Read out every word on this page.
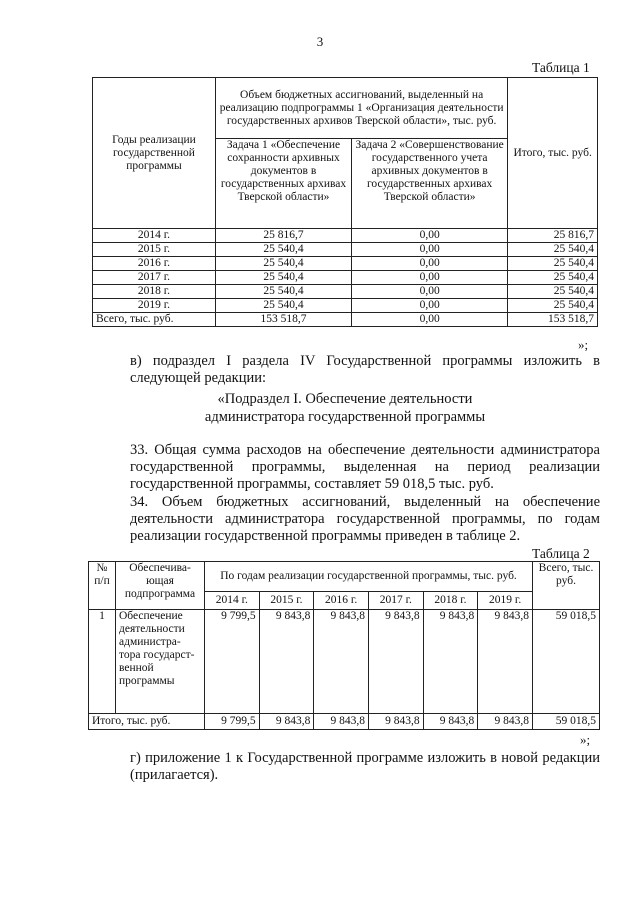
3
Таблица 1
Годы реализации государственной программы	Объем бюджетных ассигнований, выделенный на реализацию подпрограммы 1 «Организация деятельности государственных архивов Тверской области», тыс. руб.		Итого, тыс. руб.
	Задача 1 «Обеспечение сохранности архивных документов в государственных архивах Тверской области»	Задача 2 «Совершенствование государственного учета архивных документов в государственных архивах Тверской области»	
2014 г.	25 816,7	0,00	25 816,7
2015 г.	25 540,4	0,00	25 540,4
2016 г.	25 540,4	0,00	25 540,4
2017 г.	25 540,4	0,00	25 540,4
2018 г.	25 540,4	0,00	25 540,4
2019 г.	25 540,4	0,00	25 540,4
Всего, тыс. руб.	153 518,7	0,00	153 518,7
»;
в) подраздел I раздела IV Государственной программы изложить в следующей редакции:
«Подраздел I. Обеспечение деятельности
администратора государственной программы
33. Общая сумма расходов на обеспечение деятельности администратора государственной программы, выделенная на период реализации государственной программы, составляет 59 018,5 тыс. руб.
34. Объем бюджетных ассигнований, выделенный на обеспечение деятельности администратора государственной программы, по годам реализации государственной программы приведен в таблице 2.
Таблица 2
№ п/п	Обеспечива-ющая подпрограмма	По годам реализации государственной программы, тыс. руб.						Всего, тыс. руб.
		2014 г.	2015 г.	2016 г.	2017 г.	2018 г.	2019 г.	
1	Обеспечение деятельности администра-тора государст-венной программы	9 799,5	9 843,8	9 843,8	9 843,8	9 843,8	9 843,8	59 018,5
Итого, тыс. руб.		9 799,5	9 843,8	9 843,8	9 843,8	9 843,8	9 843,8	59 018,5
»;
г) приложение 1 к Государственной программе изложить в новой редакции (прилагается).
